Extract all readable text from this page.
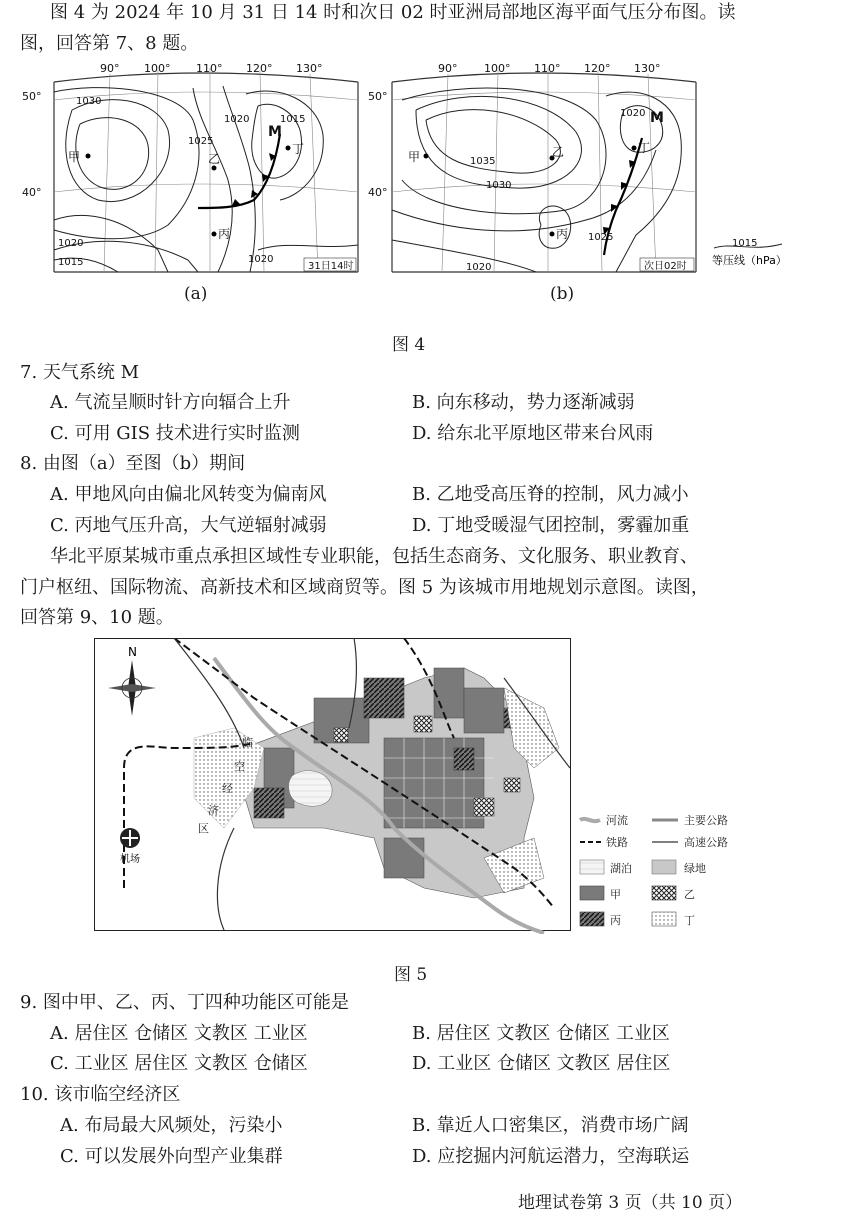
图 4 为 2024 年 10 月 31 日 14 时和次日 02 时亚洲局部地区海平面气压分布图。读
图，回答第 7、8 题。
90° 100° 110° 120° 130°
50°
40°
甲	乙
丙
丁
M
1030
1025
1020	1015
1020
1015	1020
31日14时
90° 100° 110° 120° 130°
50°
40°
甲	乙
丙
丁
M
1035
1030
1020
1025
1020	次日02时
1015
等压线（hPa）
(a)	(b)
图 4
7. 天气系统 M
A. 气流呈顺时针方向辐合上升	B. 向东移动，势力逐渐减弱
C. 可用 GIS 技术进行实时监测	D. 给东北平原地区带来台风雨
8. 由图（a）至图（b）期间
A. 甲地风向由偏北风转变为偏南风	B. 乙地受高压脊的控制，风力减小
C. 丙地气压升高，大气逆辐射减弱	D. 丁地受暖湿气团控制，雾霾加重
华北平原某城市重点承担区域性专业职能，包括生态商务、文化服务、职业教育、
门户枢纽、国际物流、高新技术和区域商贸等。图 5 为该城市用地规划示意图。读图，
回答第 9、10 题。
N
机场
临
空
经
济
区
河流	主要公路
铁路	高速公路
湖泊	绿地
甲	乙
丙	丁
图 5
9. 图中甲、乙、丙、丁四种功能区可能是
A. 居住区 仓储区 文教区 工业区	B. 居住区 文教区 仓储区 工业区
C. 工业区 居住区 文教区 仓储区	D. 工业区 仓储区 文教区 居住区
10. 该市临空经济区
A. 布局最大风频处，污染小	B. 靠近人口密集区，消费市场广阔
C. 可以发展外向型产业集群	D. 应挖掘内河航运潜力，空海联运
地理试卷第 3 页（共 10 页）
